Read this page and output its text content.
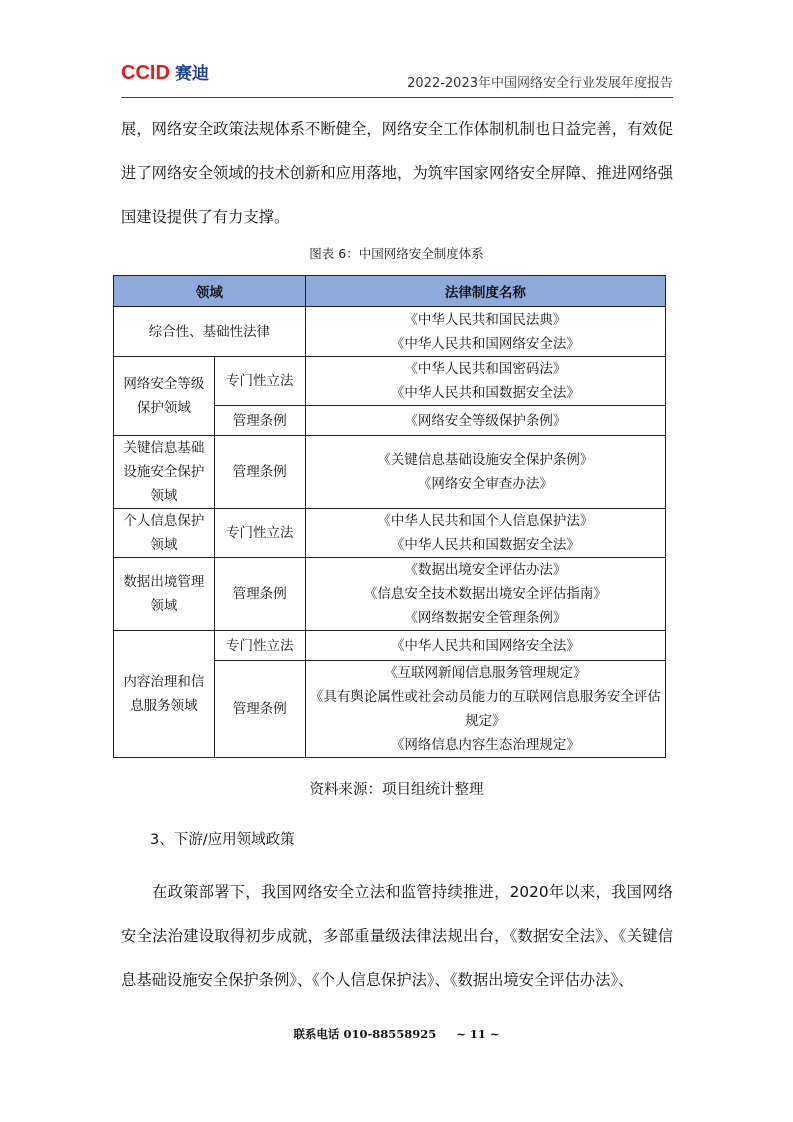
CCID 赛迪	2022-2023年中国网络安全行业发展年度报告

展，网络安全政策法规体系不断健全，网络安全工作体制机制也日益完善，有效促进了网络安全领域的技术创新和应用落地，为筑牢国家网络安全屏障、推进网络强国建设提供了有力支撑。

图表 6：中国网络安全制度体系
领域		法律制度名称
综合性、基础性法律		《中华人民共和国民法典》
《中华人民共和国网络安全法》

网络安全等级保护领域	专门性立法	《中华人民共和国密码法》
《中华人民共和国数据安全法》

	管理条例	《网络安全等级保护条例》

关键信息基础设施安全保护领域	管理条例	《关键信息基础设施安全保护条例》
《网络安全审查办法》

个人信息保护领域	专门性立法	《中华人民共和国个人信息保护法》
《中华人民共和国数据安全法》

数据出境管理领域	管理条例	《数据出境安全评估办法》
《信息安全技术数据出境安全评估指南》
《网络数据安全管理条例》

内容治理和信息服务领域	专门性立法	《中华人民共和国网络安全法》

	管理条例	《互联网新闻信息服务管理规定》
《具有舆论属性或社会动员能力的互联网信息服务安全评估规定》
《网络信息内容生态治理规定》
资料来源：项目组统计整理
3、下游/应用领域政策

在政策部署下，我国网络安全立法和监管持续推进，2020年以来，我国网络安全法治建设取得初步成就，多部重量级法律法规出台，《数据安全法》、《关键信息基础设施安全保护条例》、《个人信息保护法》、《数据出境安全评估办法》、

联系电话 010-88558925 ~ 11 ~
